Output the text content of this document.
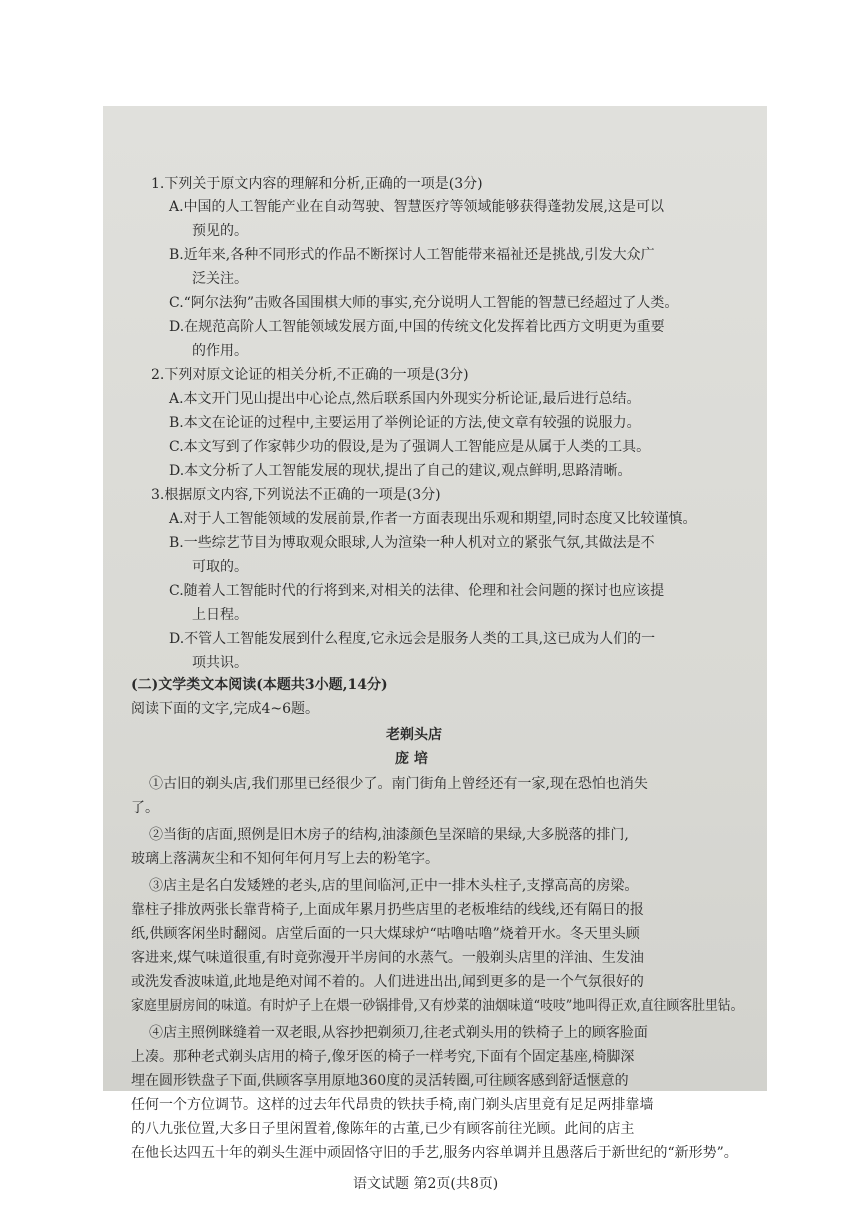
1.下列关于原文内容的理解和分析,正确的一项是(3分)
A.中国的人工智能产业在自动驾驶、智慧医疗等领域能够获得蓬勃发展,这是可以
预见的。
B.近年来,各种不同形式的作品不断探讨人工智能带来福祉还是挑战,引发大众广
泛关注。
C.“阿尔法狗”击败各国围棋大师的事实,充分说明人工智能的智慧已经超过了人类。
D.在规范高阶人工智能领域发展方面,中国的传统文化发挥着比西方文明更为重要
的作用。
2.下列对原文论证的相关分析,不正确的一项是(3分)
A.本文开门见山提出中心论点,然后联系国内外现实分析论证,最后进行总结。
B.本文在论证的过程中,主要运用了举例论证的方法,使文章有较强的说服力。
C.本文写到了作家韩少功的假设,是为了强调人工智能应是从属于人类的工具。
D.本文分析了人工智能发展的现状,提出了自己的建议,观点鲜明,思路清晰。
3.根据原文内容,下列说法不正确的一项是(3分)
A.对于人工智能领域的发展前景,作者一方面表现出乐观和期望,同时态度又比较谨慎。
B.一些综艺节目为博取观众眼球,人为渲染一种人机对立的紧张气氛,其做法是不
可取的。
C.随着人工智能时代的行将到来,对相关的法律、伦理和社会问题的探讨也应该提
上日程。
D.不管人工智能发展到什么程度,它永远会是服务人类的工具,这已成为人们的一
项共识。
(二)文学类文本阅读(本题共3小题,14分)
阅读下面的文字,完成4~6题。
老剃头店
庞 培
①古旧的剃头店,我们那里已经很少了。南门街角上曾经还有一家,现在恐怕也消失
了。
②当街的店面,照例是旧木房子的结构,油漆颜色呈深暗的果绿,大多脱落的排门,
玻璃上落满灰尘和不知何年何月写上去的粉笔字。
③店主是名白发矮矬的老头,店的里间临河,正中一排木头柱子,支撑高高的房梁。
靠柱子排放两张长靠背椅子,上面成年累月扔些店里的老板堆结的线线,还有隔日的报
纸,供顾客闲坐时翻阅。店堂后面的一只大煤球炉“咕噜咕噜”烧着开水。冬天里头顾
客进来,煤气味道很重,有时竟弥漫开半房间的水蒸气。一般剃头店里的洋油、生发油
或洗发香波味道,此地是绝对闻不着的。人们进进出出,闻到更多的是一个气氛很好的
家庭里厨房间的味道。有时炉子上在煨一砂锅排骨,又有炒菜的油烟味道“吱吱”地叫得正欢,直往顾客肚里钻。
④店主照例眯缝着一双老眼,从容抄把剃须刀,往老式剃头用的铁椅子上的顾客脸面
上凑。那种老式剃头店用的椅子,像牙医的椅子一样考究,下面有个固定基座,椅脚深
埋在圆形铁盘子下面,供顾客享用原地360度的灵活转圈,可往顾客感到舒适惬意的
任何一个方位调节。这样的过去年代昂贵的铁扶手椅,南门剃头店里竟有足足两排靠墙
的八九张位置,大多日子里闲置着,像陈年的古董,已少有顾客前往光顾。此间的店主
在他长达四五十年的剃头生涯中顽固恪守旧的手艺,服务内容单调并且愚落后于新世纪的“新形势”。
语文试题 第2页(共8页)
